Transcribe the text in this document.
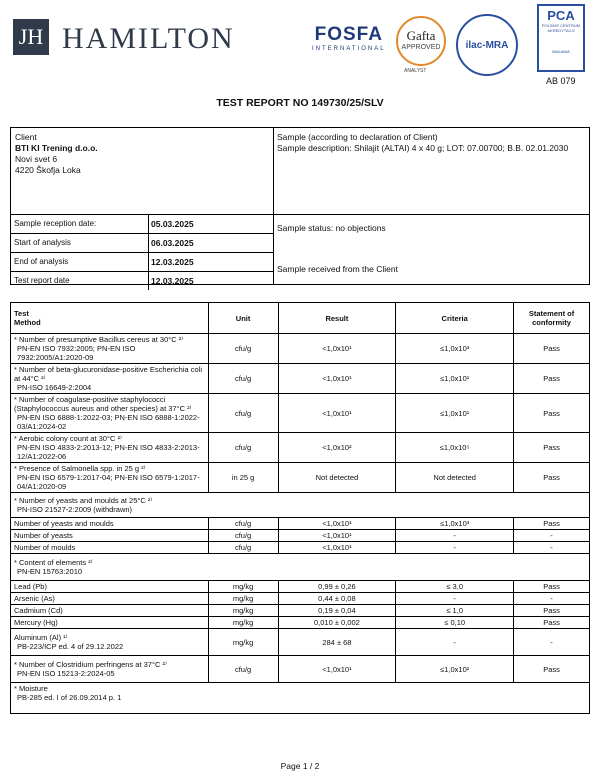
JH HAMILTON	FOSFA
INTERNATIONAL
Gafta
APPROVED
ANALYST
ilac-MRA
PCA
POLSKIE CENTRUM AKREDYTACJI
BADANIA
AB 079
TEST REPORT NO 149730/25/SLV
Client
BTI KI Trening d.o.o.
Novi svet 6
4220 Škofja Loka
Sample (according to declaration of Client)
Sample description: Shilajit (ALTAI) 4 x 40 g; LOT: 07.00700; B.B. 02.01.2030
Sample reception date:	05.03.2025
Start of analysis	06.03.2025
End of analysis	12.03.2025
Test report date	12.03.2025
Sample status: no objections
Sample received from the Client
Test
Method	Unit	Result	Criteria	Statement of conformity

* Number of presumptive Bacillus cereus at 30°C ²⁾
PN-EN ISO 7932:2005; PN-EN ISO 7932:2005/A1:2020-09	cfu/g	<1,0x10¹	≤1,0x10³	Pass

* Number of beta-glucuronidase-positive Escherichia coli at 44°C ²⁾
PN-ISO 16649-2:2004	cfu/g	<1,0x10¹	≤1,0x10¹	Pass

* Number of coagulase-positive staphylococci (Staphylococcus aureus and other species) at 37°C ²⁾
PN-EN ISO 6888-1:2022-03; PN-EN ISO 6888-1:2022-03/A1:2024-02	cfu/g	<1,0x10¹	≤1,0x10¹	Pass

* Aerobic colony count at 30°C ²⁾
PN-EN ISO 4833-2:2013-12; PN-EN ISO 4833-2:2013-12/A1:2022-06	cfu/g	<1,0x10²	≤1,0x10⁵	Pass

* Presence of Salmonella spp. in 25 g ²⁾
PN-EN ISO 6579-1:2017-04; PN-EN ISO 6579-1:2017-04/A1:2020-09	in 25 g	Not detected	Not detected	Pass

* Number of yeasts and moulds at 25°C ²⁾
PN-ISO 21527-2:2009 (withdrawn)				

Number of yeasts and moulds	cfu/g	<1,0x10¹	≤1,0x10³	Pass
Number of yeasts	cfu/g	<1,0x10¹	-	-
Number of moulds	cfu/g	<1,0x10¹	-	-

* Content of elements ²⁾
PN-EN 15763:2010				

Lead (Pb)	mg/kg	0,99 ± 0,26	≤ 3,0	Pass
Arsenic (As)	mg/kg	0,44 ± 0,08	-	-
Cadmium (Cd)	mg/kg	0,19 ± 0,04	≤ 1,0	Pass
Mercury (Hg)	mg/kg	0,010 ± 0,002	≤ 0,10	Pass

Aluminum (Al) ¹⁾
PB-223/ICP ed. 4 of 29.12.2022	mg/kg	284 ± 68	-	-

* Number of Clostridium perfringens at 37°C ²⁾
PN-EN ISO 15213-2:2024-05	cfu/g	<1,0x10¹	≤1,0x10²	Pass

* Moisture
PB-285 ed. I of 26.09.2014 p. 1				
Page 1 / 2
